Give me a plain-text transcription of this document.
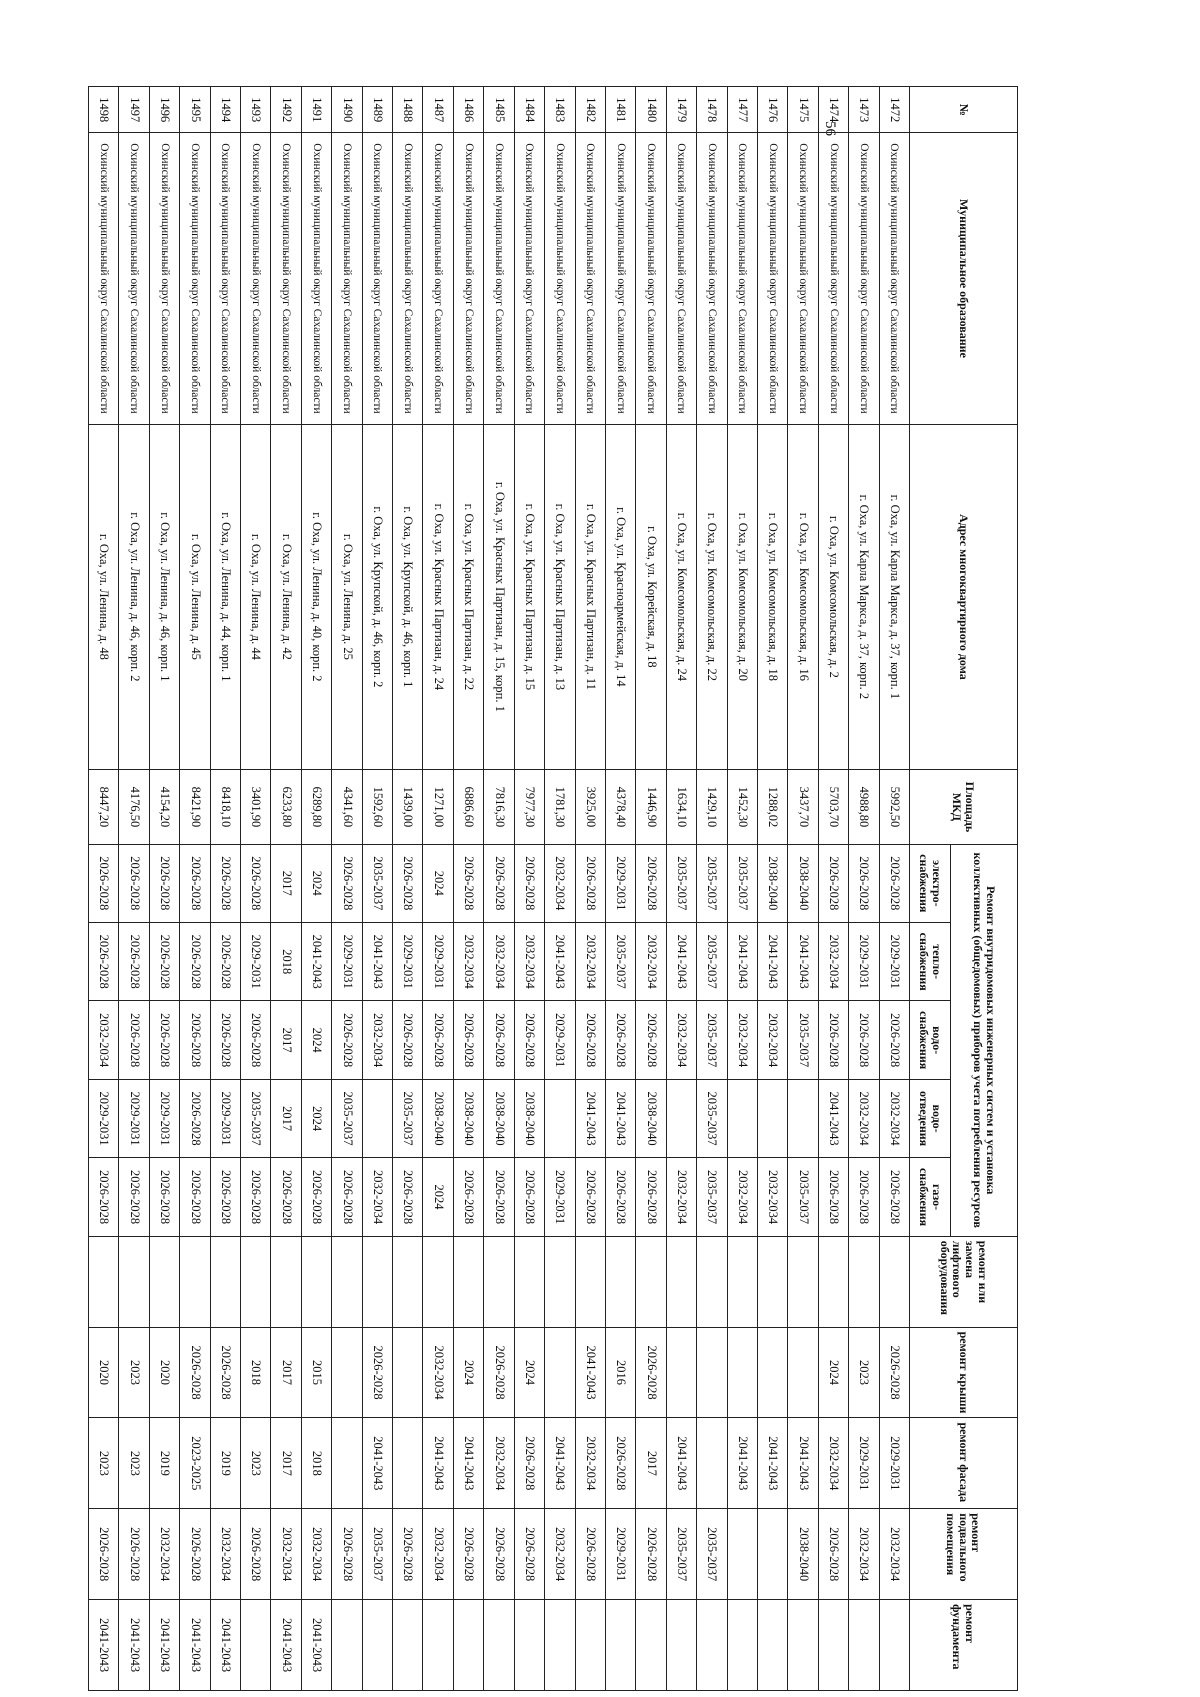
56
№	Муниципальное образование	Адрес многоквартирного дома	Площадь МКД	Ремонт внутридомовых инженерных систем и установка коллективных (общедомовых) приборов учета потребления ресурсов					ремонт или замена лифтового оборудования	ремонт крыши	ремонт фасада	ремонт подвального помещения	ремонт фундамента
				электро-снабжения	тепло-снабжения	водо-снабжения	водо-отведения	газо-снабжения					
1472	Охинский муниципальный округ Сахалинской области	г. Оха, ул. Карла Маркса, д. 37, корп. 1	5992,50	2026-2028	2029-2031	2026-2028	2032-2034	2026-2028		2026-2028	2029-2031	2032-2034	
1473	Охинский муниципальный округ Сахалинской области	г. Оха, ул. Карла Маркса, д. 37, корп. 2	4988,80	2026-2028	2029-2031	2026-2028	2032-2034	2026-2028		2023	2029-2031	2032-2034	
1474	Охинский муниципальный округ Сахалинской области	г. Оха, ул. Комсомольская, д. 2	5703,70	2026-2028	2032-2034	2026-2028	2041-2043	2026-2028		2024	2032-2034	2026-2028	
1475	Охинский муниципальный округ Сахалинской области	г. Оха, ул. Комсомольская, д. 16	3437,70	2038-2040	2041-2043	2035-2037		2035-2037			2041-2043	2038-2040	
1476	Охинский муниципальный округ Сахалинской области	г. Оха, ул. Комсомольская, д. 18	1288,02	2038-2040	2041-2043	2032-2034		2032-2034			2041-2043		
1477	Охинский муниципальный округ Сахалинской области	г. Оха, ул. Комсомольская, д. 20	1452,30	2035-2037	2041-2043	2032-2034		2032-2034			2041-2043		
1478	Охинский муниципальный округ Сахалинской области	г. Оха, ул. Комсомольская, д. 22	1429,10	2035-2037	2035-2037	2035-2037	2035-2037	2035-2037				2035-2037	
1479	Охинский муниципальный округ Сахалинской области	г. Оха, ул. Комсомольская, д. 24	1634,10	2035-2037	2041-2043	2032-2034		2032-2034			2041-2043	2035-2037	
1480	Охинский муниципальный округ Сахалинской области	г. Оха, ул. Корейская, д. 18	1446,90	2026-2028	2032-2034	2026-2028	2038-2040	2026-2028		2026-2028	2017	2026-2028	
1481	Охинский муниципальный округ Сахалинской области	г. Оха, ул. Красноармейская, д. 14	4378,40	2029-2031	2035-2037	2026-2028	2041-2043	2026-2028		2016	2026-2028	2029-2031	
1482	Охинский муниципальный округ Сахалинской области	г. Оха, ул. Красных Партизан, д. 11	3925,00	2026-2028	2032-2034	2026-2028	2041-2043	2026-2028		2041-2043	2032-2034	2026-2028	
1483	Охинский муниципальный округ Сахалинской области	г. Оха, ул. Красных Партизан, д. 13	1781,30	2032-2034	2041-2043	2029-2031		2029-2031			2041-2043	2032-2034	
1484	Охинский муниципальный округ Сахалинской области	г. Оха, ул. Красных Партизан, д. 15	7977,30	2026-2028	2032-2034	2026-2028	2038-2040	2026-2028		2024	2026-2028	2026-2028	
1485	Охинский муниципальный округ Сахалинской области	г. Оха, ул. Красных Партизан, д. 15, корп. 1	7816,30	2026-2028	2032-2034	2026-2028	2038-2040	2026-2028		2026-2028	2032-2034	2026-2028	
1486	Охинский муниципальный округ Сахалинской области	г. Оха, ул. Красных Партизан, д. 22	6886,60	2026-2028	2032-2034	2026-2028	2038-2040	2026-2028		2024	2041-2043	2026-2028	
1487	Охинский муниципальный округ Сахалинской области	г. Оха, ул. Красных Партизан, д. 24	1271,00	2024	2029-2031	2026-2028	2038-2040	2024		2032-2034	2041-2043	2032-2034	
1488	Охинский муниципальный округ Сахалинской области	г. Оха, ул. Крупской, д. 46, корп. 1	1439,00	2026-2028	2029-2031	2026-2028	2035-2037	2026-2028				2026-2028	
1489	Охинский муниципальный округ Сахалинской области	г. Оха, ул. Крупской, д. 46, корп. 2	1592,60	2035-2037	2041-2043	2032-2034		2032-2034		2026-2028	2041-2043	2035-2037	
1490	Охинский муниципальный округ Сахалинской области	г. Оха, ул. Ленина, д. 25	4341,60	2026-2028	2029-2031	2026-2028	2035-2037	2026-2028				2026-2028	
1491	Охинский муниципальный округ Сахалинской области	г. Оха, ул. Ленина, д. 40, корп. 2	6289,80	2024	2041-2043	2024	2024	2026-2028		2015	2018	2032-2034	2041-2043
1492	Охинский муниципальный округ Сахалинской области	г. Оха, ул. Ленина, д. 42	6233,80	2017	2018	2017	2017	2026-2028		2017	2017	2032-2034	2041-2043
1493	Охинский муниципальный округ Сахалинской области	г. Оха, ул. Ленина, д. 44	3401,90	2026-2028	2029-2031	2026-2028	2035-2037	2026-2028		2018	2023	2026-2028	
1494	Охинский муниципальный округ Сахалинской области	г. Оха, ул. Ленина, д. 44, корп. 1	8418,10	2026-2028	2026-2028	2026-2028	2029-2031	2026-2028		2026-2028	2019	2032-2034	2041-2043
1495	Охинский муниципальный округ Сахалинской области	г. Оха, ул. Ленина, д. 45	8421,90	2026-2028	2026-2028	2026-2028	2026-2028	2026-2028		2026-2028	2023-2025	2026-2028	2041-2043
1496	Охинский муниципальный округ Сахалинской области	г. Оха, ул. Ленина, д. 46, корп. 1	4154,20	2026-2028	2026-2028	2026-2028	2029-2031	2026-2028		2020	2019	2032-2034	2041-2043
1497	Охинский муниципальный округ Сахалинской области	г. Оха, ул. Ленина, д. 46, корп. 2	4176,50	2026-2028	2026-2028	2026-2028	2029-2031	2026-2028		2023	2023	2026-2028	2041-2043
1498	Охинский муниципальный округ Сахалинской области	г. Оха, ул. Ленина, д. 48	8447,20	2026-2028	2026-2028	2032-2034	2029-2031	2026-2028		2020	2023	2026-2028	2041-2043
